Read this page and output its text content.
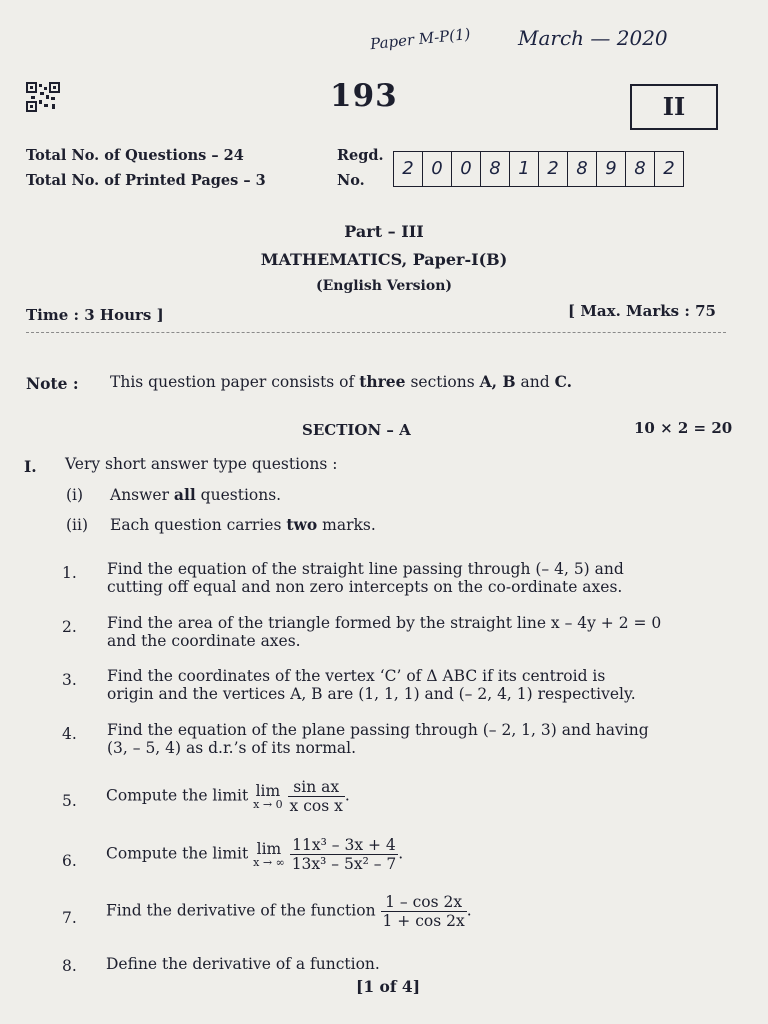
Paper M-P(1) March — 2020
193	II
Total No. of Questions – 24
Total No. of Printed Pages – 3
Regd.
No.
2 0 0 8 1 2 8 9 8 2
Part – III
MATHEMATICS, Paper-I(B)
(English Version)
Time : 3 Hours ]	[ Max. Marks : 75
Note : This question paper consists of three sections A, B and C.
SECTION – A	10 × 2 = 20
I. Very short answer type questions :
(i) Answer all questions.
(ii) Each question carries two marks.
1. Find the equation of the straight line passing through (– 4, 5) and
cutting off equal and non zero intercepts on the co-ordinate axes.
2. Find the area of the triangle formed by the straight line x – 4y + 2 = 0
and the coordinate axes.
3. Find the coordinates of the vertex ‘C’ of Δ ABC if its centroid is
origin and the vertices A, B are (1, 1, 1) and (– 2, 4, 1) respectively.
4. Find the equation of the plane passing through (– 2, 1, 3) and having
(3, – 5, 4) as d.r.’s of its normal.
5. Compute the limit lim
x → 0
$\frac{\text{sin ax}}{\text{x cos x}}$ .
6. Compute the limit lim
x → ∞
$\frac{\text{11x³ – 3x + 4}}{\text{13x³ – 5x² – 7}}$ .
7. Find the derivative of the function $\frac{1 - \cos 2x}{1 + \cos 2x}$ .
8. Define the derivative of a function.
[1 of 4]
